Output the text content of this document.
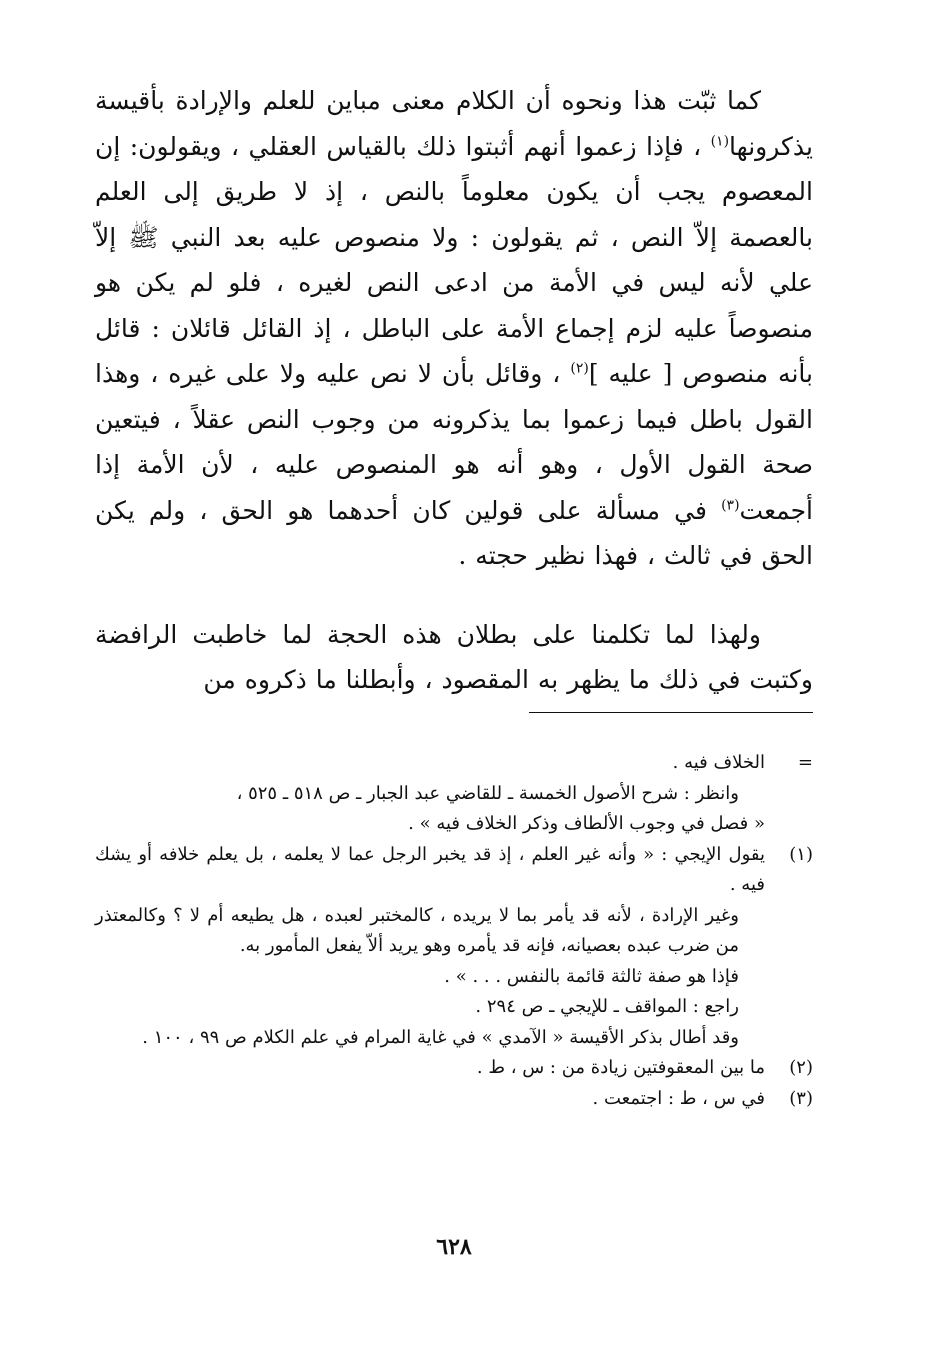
كما ثبّت هذا ونحوه أن الكلام معنى مباين للعلم والإرادة بأقيسة يذكرونها$^{(١)}$ ، فإذا زعموا أنهم أثبتوا ذلك بالقياس العقلي ، ويقولون: إن المعصوم يجب أن يكون معلوماً بالنص ، إذ لا طريق إلى العلم بالعصمة إلاّ النص ، ثم يقولون : ولا منصوص عليه بعد النبي ﷺ إلاّ علي لأنه ليس في الأمة من ادعى النص لغيره ، فلو لم يكن هو منصوصاً عليه لزم إجماع الأمة على الباطل ، إذ القائل قائلان : قائل بأنه منصوص [ عليه ]$^{(٢)}$ ، وقائل بأن لا نص عليه ولا على غيره ، وهذا القول باطل فيما زعموا بما يذكرونه من وجوب النص عقلاً ، فيتعين صحة القول الأول ، وهو أنه هو المنصوص عليه ، لأن الأمة إذا أجمعت$^{(٣)}$ في مسألة على قولين كان أحدهما هو الحق ، ولم يكن الحق في ثالث ، فهذا نظير حجته .

ولهذا لما تكلمنا على بطلان هذه الحجة لما خاطبت الرافضة وكتبت في ذلك ما يظهر به المقصود ، وأبطلنا ما ذكروه من

=
الخلاف فيه .
وانظر : شرح الأصول الخمسة ـ للقاضي عبد الجبار ـ ص ٥١٨ ـ ٥٢٥ ،
« فصل في وجوب الألطاف وذكر الخلاف فيه » .
(١)
يقول الإيجي : « وأنه غير العلم ، إذ قد يخبر الرجل عما لا يعلمه ، بل يعلم خلافه أو يشك فيه .
وغير الإرادة ، لأنه قد يأمر بما لا يريده ، كالمختبر لعبده ، هل يطيعه أم لا ؟ وكالمعتذر من ضرب عبده بعصيانه، فإنه قد يأمره وهو يريد ألاّ يفعل المأمور به.
فإذا هو صفة ثالثة قائمة بالنفس . . . » .
راجع : المواقف ـ للإيجي ـ ص ٢٩٤ .
وقد أطال بذكر الأقيسة « الآمدي » في غاية المرام في علم الكلام ص ٩٩ ، ١٠٠ .
(٢)
ما بين المعقوفتين زيادة من : س ، ط .
(٣)
في س ، ط : اجتمعت .
٦٢٨
